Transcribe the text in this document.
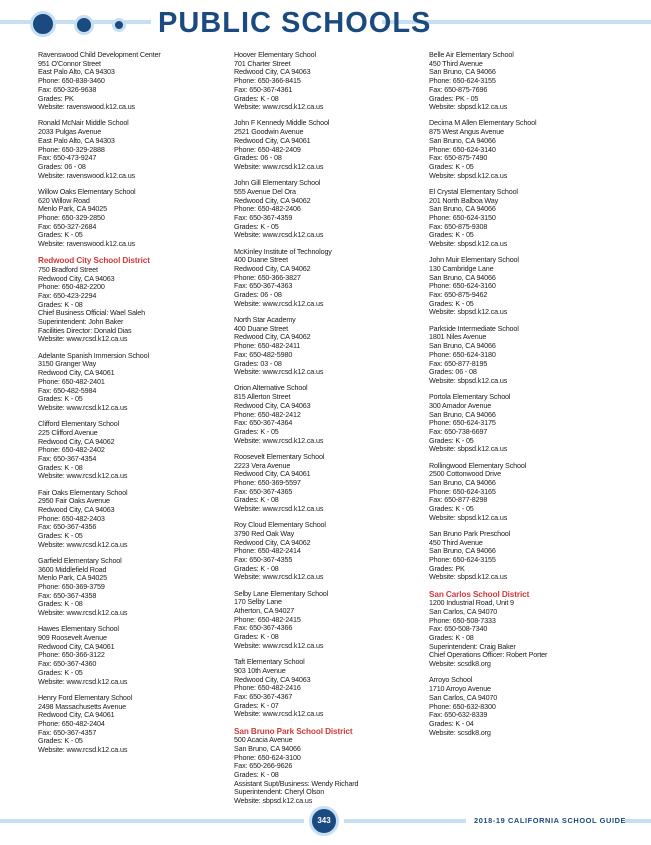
PUBLIC SCHOOLS
Ravenswood Child Development Center
951 O'Connor Street
East Palo Alto, CA 94303
Phone: 650-838-3460
Fax: 650-326-9638
Grades: PK
Website: ravenswood.k12.ca.us
Ronald McNair Middle School
2033 Pulgas Avenue
East Palo Alto, CA 94303
Phone: 650-329-2888
Fax: 650-473-9247
Grades: 06 - 08
Website: ravenswood.k12.ca.us
Willow Oaks Elementary School
620 Willow Road
Menlo Park, CA 94025
Phone: 650-329-2850
Fax: 650-327-2684
Grades: K - 05
Website: ravenswood.k12.ca.us
Redwood City School District
750 Bradford Street
Redwood City, CA 94063
Phone: 650-482-2200
Fax: 650-423-2294
Grades: K - 08
Chief Business Official: Wael Saleh
Superintendent: John Baker
Facilities Director: Donald Dias
Website: www.rcsd.k12.ca.us
Adelante Spanish Immersion School
3150 Granger Way
Redwood City, CA 94061
Phone: 650-482-2401
Fax: 650-482-5984
Grades: K - 05
Website: www.rcsd.k12.ca.us
Clifford Elementary School
225 Clifford Avenue
Redwood City, CA 94062
Phone: 650-482-2402
Fax: 650-367-4354
Grades: K - 08
Website: www.rcsd.k12.ca.us
Fair Oaks Elementary School
2950 Fair Oaks Avenue
Redwood City, CA 94063
Phone: 650-482-2403
Fax: 650-367-4356
Grades: K - 05
Website: www.rcsd.k12.ca.us
Garfield Elementary School
3600 Middlefield Road
Menlo Park, CA 94025
Phone: 650-369-3759
Fax: 650-367-4358
Grades: K - 08
Website: www.rcsd.k12.ca.us
Hawes Elementary School
909 Roosevelt Avenue
Redwood City, CA 94061
Phone: 650-366-3122
Fax: 650-367-4360
Grades: K - 05
Website: www.rcsd.k12.ca.us
Henry Ford Elementary School
2498 Massachusetts Avenue
Redwood City, CA 94061
Phone: 650-482-2404
Fax: 650-367-4357
Grades: K - 05
Website: www.rcsd.k12.ca.us
Hoover Elementary School
701 Charter Street
Redwood City, CA 94063
Phone: 650-366-8415
Fax: 650-367-4361
Grades: K - 08
Website: www.rcsd.k12.ca.us
John F Kennedy Middle School
2521 Goodwin Avenue
Redwood City, CA 94061
Phone: 650-482-2409
Grades: 06 - 08
Website: www.rcsd.k12.ca.us
John Gill Elementary School
555 Avenue Del Ora
Redwood City, CA 94062
Phone: 650-482-2406
Fax: 650-367-4359
Grades: K - 05
Website: www.rcsd.k12.ca.us
McKinley Institute of Technology
400 Duane Street
Redwood City, CA 94062
Phone: 650-366-3827
Fax: 650-367-4363
Grades: 06 - 08
Website: www.rcsd.k12.ca.us
North Star Academy
400 Duane Street
Redwood City, CA 94062
Phone: 650-482-2411
Fax: 650-482-5980
Grades: 03 - 08
Website: www.rcsd.k12.ca.us
Orion Alternative School
815 Allerton Street
Redwood City, CA 94063
Phone: 650-482-2412
Fax: 650-367-4364
Grades: K - 05
Website: www.rcsd.k12.ca.us
Roosevelt Elementary School
2223 Vera Avenue
Redwood City, CA 94061
Phone: 650-369-5597
Fax: 650-367-4365
Grades: K - 08
Website: www.rcsd.k12.ca.us
Roy Cloud Elementary School
3790 Red Oak Way
Redwood City, CA 94062
Phone: 650-482-2414
Fax: 650-367-4355
Grades: K - 08
Website: www.rcsd.k12.ca.us
Selby Lane Elementary School
170 Selby Lane
Atherton, CA 94027
Phone: 650-482-2415
Fax: 650-367-4366
Grades: K - 08
Website: www.rcsd.k12.ca.us
Taft Elementary School
903 10th Avenue
Redwood City, CA 94063
Phone: 650-482-2416
Fax: 650-367-4367
Grades: K - 07
Website: www.rcsd.k12.ca.us
San Bruno Park School District
500 Acacia Avenue
San Bruno, CA 94066
Phone: 650-624-3100
Fax: 650-266-9626
Grades: K - 08
Assistant Supt/Business: Wendy Richard
Superintendent: Cheryl Olson
Website: sbpsd.k12.ca.us
Belle Air Elementary School
450 Third Avenue
San Bruno, CA 94066
Phone: 650-624-3155
Fax: 650-875-7696
Grades: PK - 05
Website: sbpsd.k12.ca.us
Decima M Allen Elementary School
875 West Angus Avenue
San Bruno, CA 94066
Phone: 650-624-3140
Fax: 650-875-7490
Grades: K - 05
Website: sbpsd.k12.ca.us
El Crystal Elementary School
201 North Balboa Way
San Bruno, CA 94066
Phone: 650-624-3150
Fax: 650-875-9308
Grades: K - 05
Website: sbpsd.k12.ca.us
John Muir Elementary School
130 Cambridge Lane
San Bruno, CA 94066
Phone: 650-624-3160
Fax: 650-875-9462
Grades: K - 05
Website: sbpsd.k12.ca.us
Parkside Intermediate School
1801 Niles Avenue
San Bruno, CA 94066
Phone: 650-624-3180
Fax: 650-877-8195
Grades: 06 - 08
Website: sbpsd.k12.ca.us
Portola Elementary School
300 Amador Avenue
San Bruno, CA 94066
Phone: 650-624-3175
Fax: 650-738-6697
Grades: K - 05
Website: sbpsd.k12.ca.us
Rollingwood Elementary School
2500 Cottonwood Drive
San Bruno, CA 94066
Phone: 650-624-3165
Fax: 650-877-8298
Grades: K - 05
Website: sbpsd.k12.ca.us
San Bruno Park Preschool
450 Third Avenue
San Bruno, CA 94066
Phone: 650-624-3155
Grades: PK
Website: sbpsd.k12.ca.us
San Carlos School District
1200 Industrial Road, Unit 9
San Carlos, CA 94070
Phone: 650-508-7333
Fax: 650-508-7340
Grades: K - 08
Superintendent: Craig Baker
Chief Operations Officer: Robert Porter
Website: scsdk8.org
Arroyo School
1710 Arroyo Avenue
San Carlos, CA 94070
Phone: 650-632-8300
Fax: 650-632-8339
Grades: K - 04
Website: scsdk8.org
343	2018-19 CALIFORNIA SCHOOL GUIDE
